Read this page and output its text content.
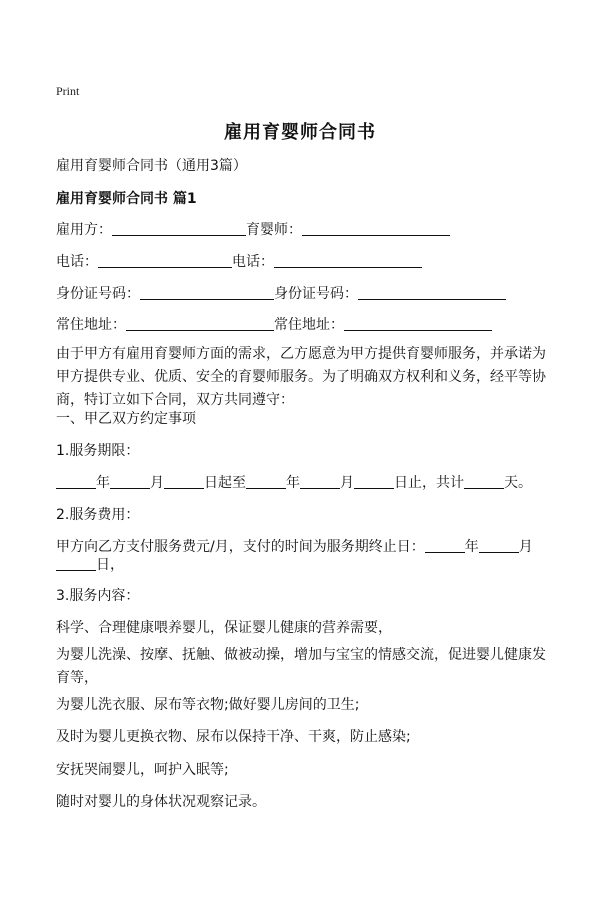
Print
雇用育婴师合同书
雇用育婴师合同书（通用3篇）
雇用育婴师合同书 篇1
雇用方：	育婴师：
电话：	电话：
身份证号码：	身份证号码：
常住地址：	常住地址：
由于甲方有雇用育婴师方面的需求，乙方愿意为甲方提供育婴师服务，并承诺为甲方提供专业、优质、安全的育婴师服务。为了明确双方权利和义务，经平等协商，特订立如下合同，双方共同遵守：
一、甲乙双方约定事项
1.服务期限：
年	月	日起至	年	月	日止，共计	天。
2.服务费用：
甲方向乙方支付服务费元/月，支付的时间为服务期终止日：	年	月
日，
3.服务内容：
科学、合理健康喂养婴儿，保证婴儿健康的营养需要，
为婴儿洗澡、按摩、抚触、做被动操，增加与宝宝的情感交流，促进婴儿健康发育等，
为婴儿洗衣服、尿布等衣物;做好婴儿房间的卫生;
及时为婴儿更换衣物、尿布以保持干净、干爽，防止感染;
安抚哭闹婴儿，呵护入眠等;
随时对婴儿的身体状况观察记录。
